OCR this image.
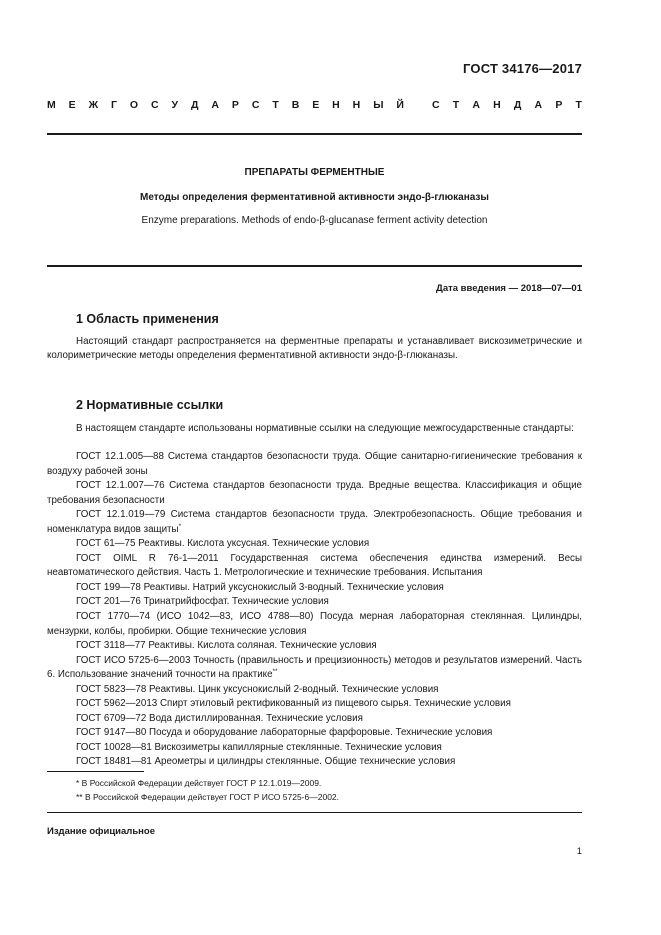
ГОСТ 34176—2017
М Е Ж Г О С У Д А Р С Т В Е Н Н Ы Й	С Т А Н Д А Р Т
ПРЕПАРАТЫ ФЕРМЕНТНЫЕ
Методы определения ферментативной активности эндо-β-глюканазы
Enzyme preparations. Methods of endo-β-glucanase ferment activity detection
Дата введения — 2018—07—01
1 Область применения

Настоящий стандарт распространяется на ферментные препараты и устанавливает вискозиметрические и колориметрические методы определения ферментативной активности эндо-β-глюканазы.

2 Нормативные ссылки

В настоящем стандарте использованы нормативные ссылки на следующие межгосударственные стандарты:

ГОСТ 12.1.005—88 Система стандартов безопасности труда. Общие санитарно-гигиенические требования к воздуху рабочей зоны

ГОСТ 12.1.007—76 Система стандартов безопасности труда. Вредные вещества. Классификация и общие требования безопасности

ГОСТ 12.1.019—79 Система стандартов безопасности труда. Электробезопасность. Общие требования и номенклатура видов защиты*

ГОСТ 61—75 Реактивы. Кислота уксусная. Технические условия

ГОСТ OIML R 76-1—2011 Государственная система обеспечения единства измерений. Весы неавтоматического действия. Часть 1. Метрологические и технические требования. Испытания

ГОСТ 199—78 Реактивы. Натрий уксуснокислый 3-водный. Технические условия

ГОСТ 201—76 Тринатрийфосфат. Технические условия

ГОСТ 1770—74 (ИСО 1042—83, ИСО 4788—80) Посуда мерная лабораторная стеклянная. Цилиндры, мензурки, колбы, пробирки. Общие технические условия

ГОСТ 3118—77 Реактивы. Кислота соляная. Технические условия

ГОСТ ИСО 5725-6—2003 Точность (правильность и прецизионность) методов и результатов измерений. Часть 6. Использование значений точности на практике**

ГОСТ 5823—78 Реактивы. Цинк уксуснокислый 2-водный. Технические условия

ГОСТ 5962—2013 Спирт этиловый ректификованный из пищевого сырья. Технические условия

ГОСТ 6709—72 Вода дистиллированная. Технические условия

ГОСТ 9147—80 Посуда и оборудование лабораторные фарфоровые. Технические условия

ГОСТ 10028—81 Вискозиметры капиллярные стеклянные. Технические условия

ГОСТ 18481—81 Ареометры и цилиндры стеклянные. Общие технические условия

* В Российской Федерации действует ГОСТ Р 12.1.019—2009.
** В Российской Федерации действует ГОСТ Р ИСО 5725-6—2002.
Издание официальное
1
